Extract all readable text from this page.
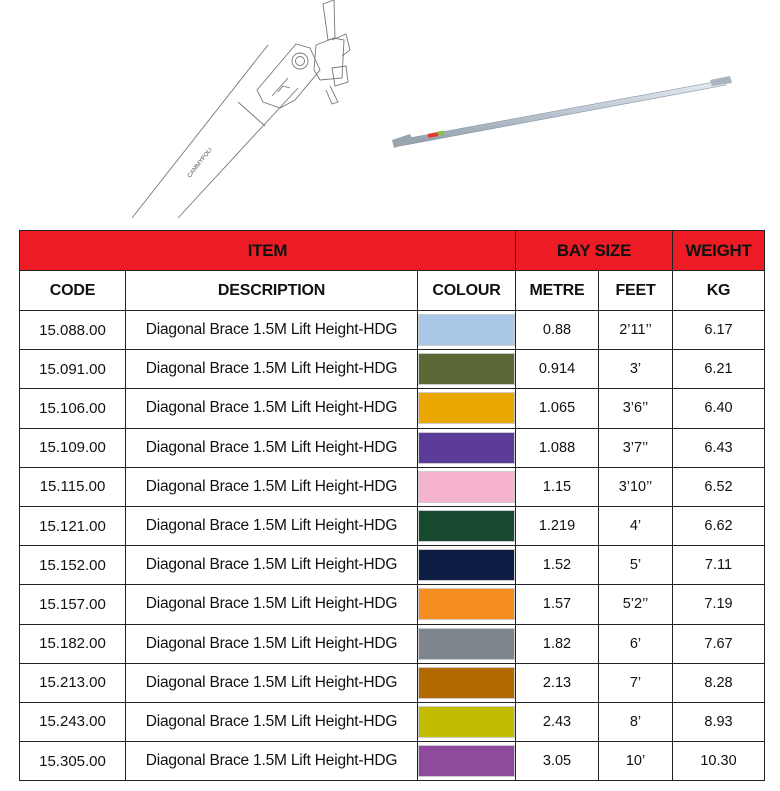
CAMMYPOLI
ITEM			BAY SIZE		WEIGHT
CODE	DESCRIPTION	COLOUR	METRE	FEET	KG
15.088.00	Diagonal Brace 1.5M Lift Height-HDG		0.88	2’11’’	6.17
15.091.00	Diagonal Brace 1.5M Lift Height-HDG		0.914	3’	6.21
15.106.00	Diagonal Brace 1.5M Lift Height-HDG		1.065	3’6’’	6.40
15.109.00	Diagonal Brace 1.5M Lift Height-HDG		1.088	3’7’’	6.43
15.115.00	Diagonal Brace 1.5M Lift Height-HDG		1.15	3’10’’	6.52
15.121.00	Diagonal Brace 1.5M Lift Height-HDG		1.219	4’	6.62
15.152.00	Diagonal Brace 1.5M Lift Height-HDG		1.52	5’	7.11
15.157.00	Diagonal Brace 1.5M Lift Height-HDG		1.57	5’2’’	7.19
15.182.00	Diagonal Brace 1.5M Lift Height-HDG		1.82	6’	7.67
15.213.00	Diagonal Brace 1.5M Lift Height-HDG		2.13	7’	8.28
15.243.00	Diagonal Brace 1.5M Lift Height-HDG		2.43	8’	8.93
15.305.00	Diagonal Brace 1.5M Lift Height-HDG		3.05	10’	10.30
